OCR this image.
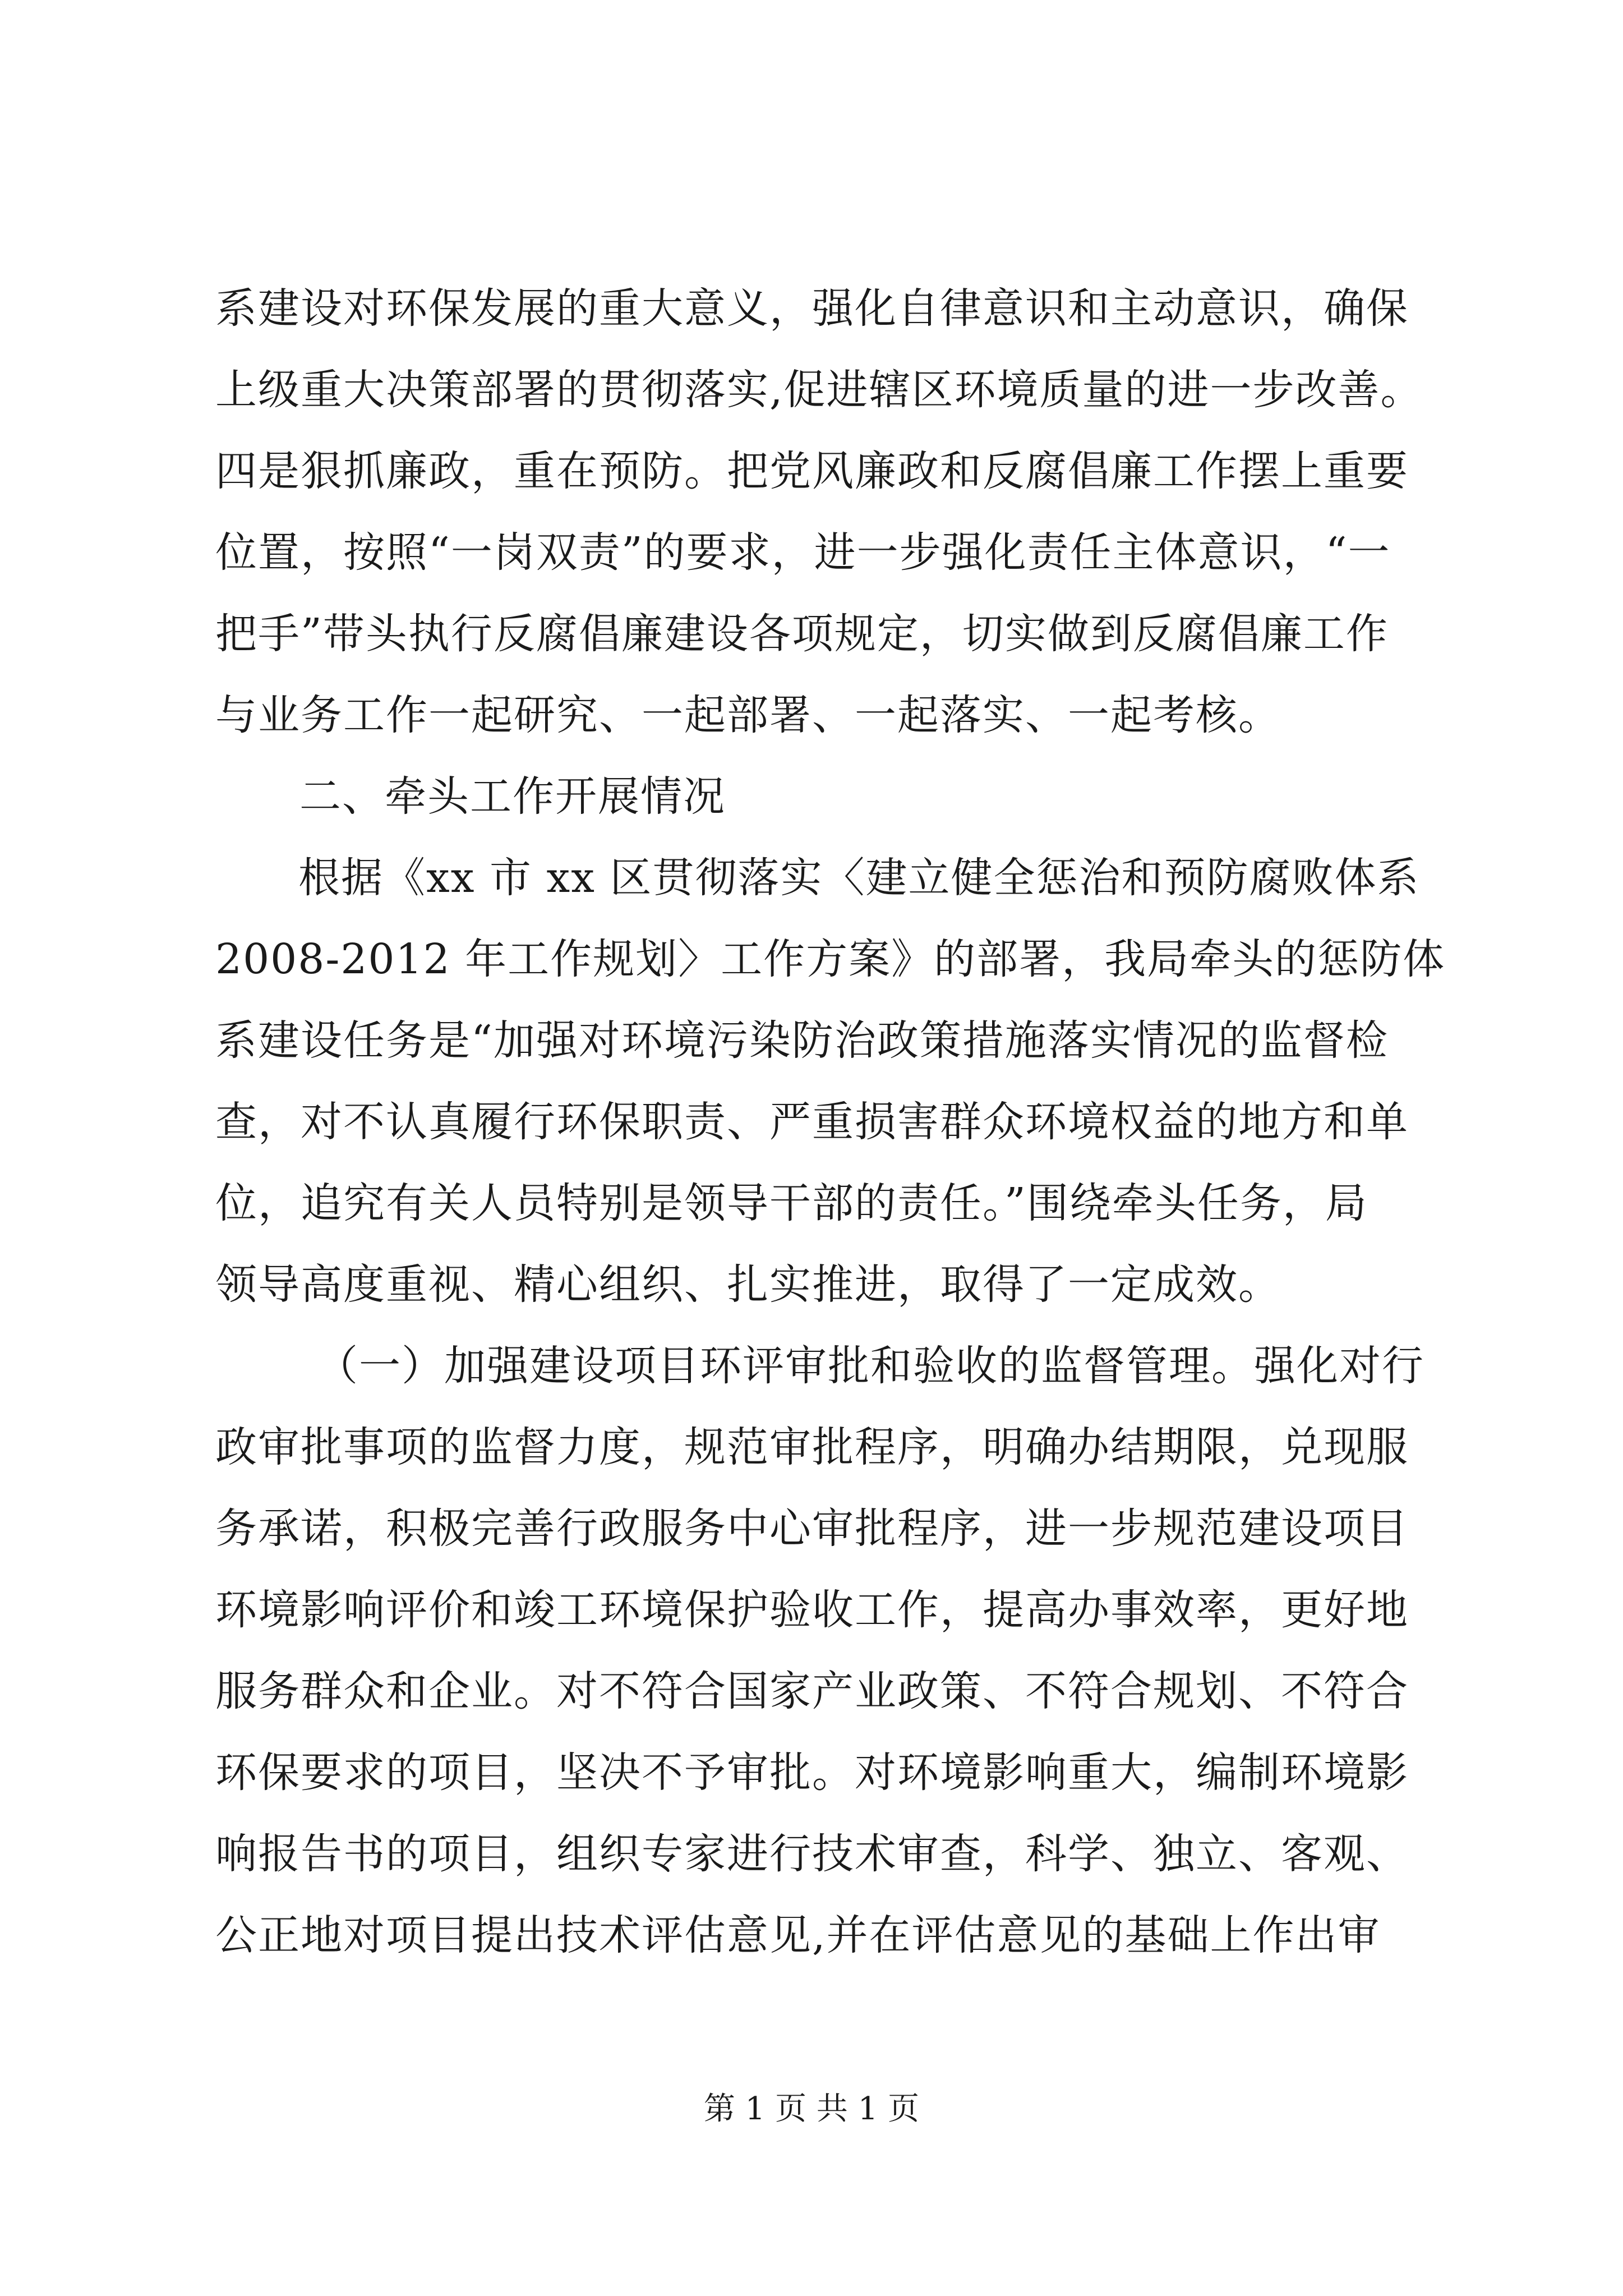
系建设对环保发展的重大意义，强化自律意识和主动意识，确保
上级重大决策部署的贯彻落实,促进辖区环境质量的进一步改善。
四是狠抓廉政，重在预防。把党风廉政和反腐倡廉工作摆上重要
位置，按照“一岗双责”的要求，进一步强化责任主体意识，“一
把手”带头执行反腐倡廉建设各项规定，切实做到反腐倡廉工作
与业务工作一起研究、一起部署、一起落实、一起考核。
二、牵头工作开展情况
根据《xx 市 xx 区贯彻落实〈建立健全惩治和预防腐败体系
2008-2012 年工作规划〉工作方案》的部署，我局牵头的惩防体
系建设任务是“加强对环境污染防治政策措施落实情况的监督检
查，对不认真履行环保职责、严重损害群众环境权益的地方和单
位，追究有关人员特别是领导干部的责任。”围绕牵头任务，局
领导高度重视、精心组织、扎实推进，取得了一定成效。
（一）加强建设项目环评审批和验收的监督管理。强化对行
政审批事项的监督力度，规范审批程序，明确办结期限，兑现服
务承诺，积极完善行政服务中心审批程序，进一步规范建设项目
环境影响评价和竣工环境保护验收工作，提高办事效率，更好地
服务群众和企业。对不符合国家产业政策、不符合规划、不符合
环保要求的项目，坚决不予审批。对环境影响重大，编制环境影
响报告书的项目，组织专家进行技术审查，科学、独立、客观、
公正地对项目提出技术评估意见,并在评估意见的基础上作出审
第 1 页 共 1 页
